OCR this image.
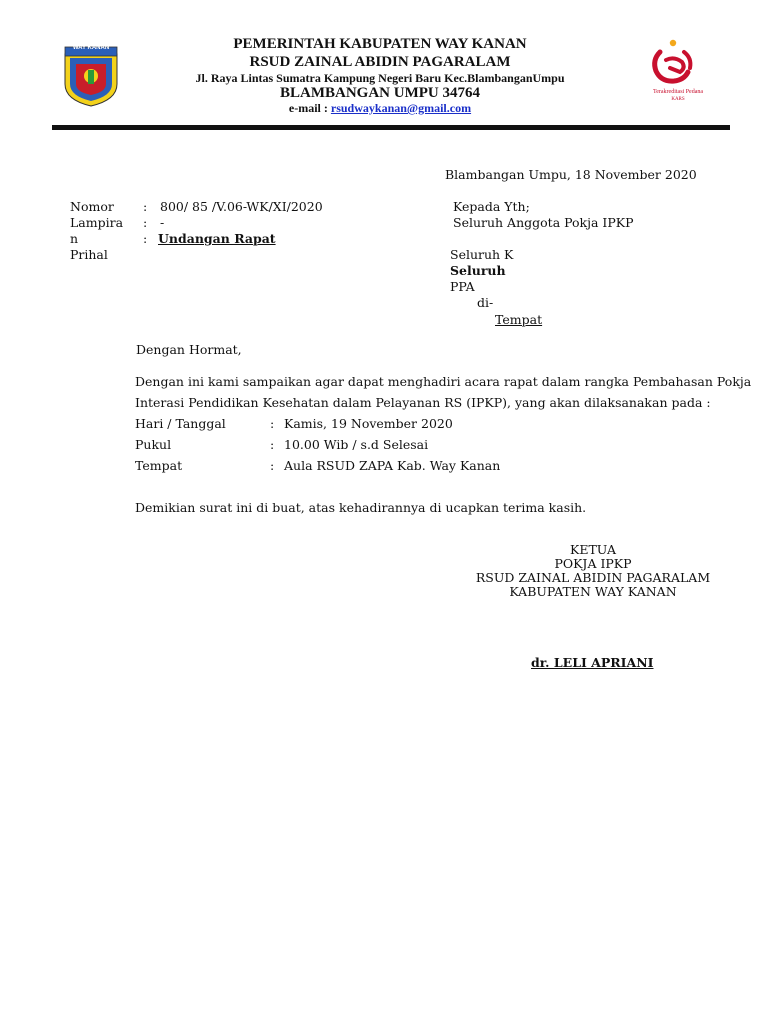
WAY KANAN	PEMERINTAH KABUPATEN WAY KANAN
RSUD ZAINAL ABIDIN PAGARALAM
Jl. Raya Lintas Sumatra Kampung Negeri Baru Kec.BlambanganUmpu
BLAMBANGAN UMPU 34764
e-mail : rsudwaykanan@gmail.com
Terakreditasi Pedana
KARS
Blambangan Umpu, 18 November 2020
Nomor : 800/ 85 /V.06-WK/XI/2020
Lampira : -
n	: Undangan Rapat
Prihal
Kepada Yth;
Seluruh Anggota Pokja IPKP
Seluruh K
Seluruh
PPA
di-
Tempat
Dengan Hormat,
Dengan ini kami sampaikan agar dapat menghadiri acara rapat dalam rangka Pembahasan Pokja
Interasi Pendidikan Kesehatan dalam Pelayanan RS (IPKP), yang akan dilaksanakan pada :
Hari / Tanggal	: Kamis, 19 November 2020
Pukul	: 10.00 Wib / s.d Selesai
Tempat	: Aula RSUD ZAPA Kab. Way Kanan
Demikian surat ini di buat, atas kehadirannya di ucapkan terima kasih.
KETUA
POKJA IPKP
RSUD ZAINAL ABIDIN PAGARALAM
KABUPATEN WAY KANAN
dr. LELI APRIANI
